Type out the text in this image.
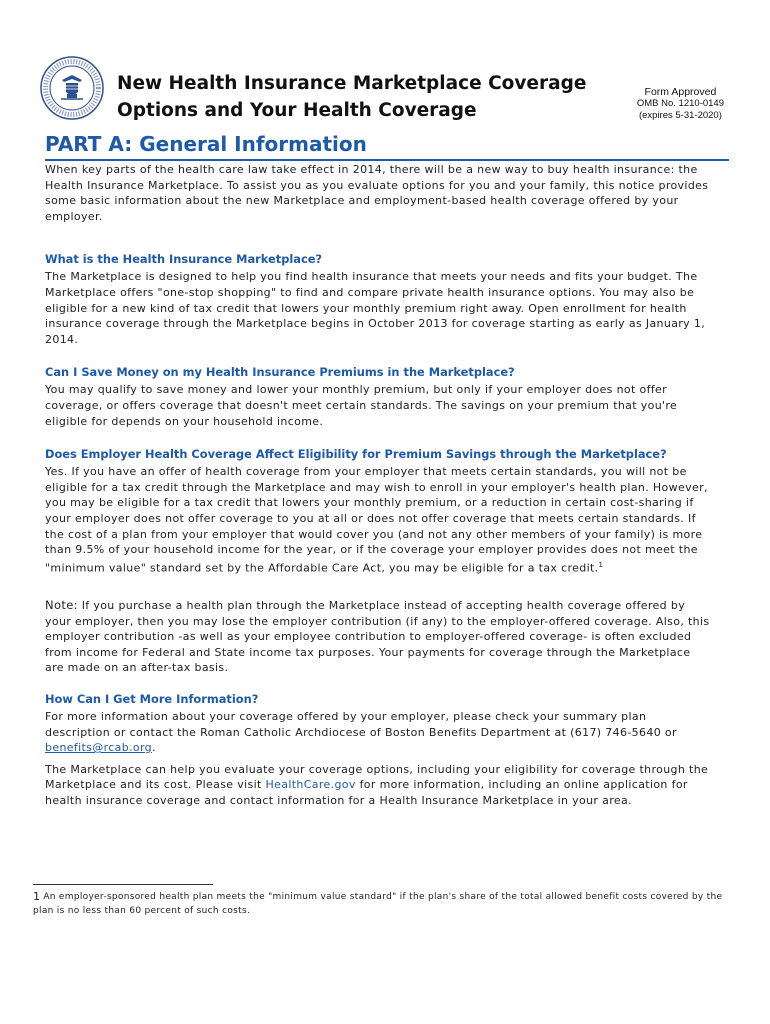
New Health Insurance Marketplace Coverage
Options and Your Health Coverage
Form Approved
OMB No. 1210-0149
(expires 5-31-2020)
PART A: General Information

When key parts of the health care law take effect in 2014, there will be a new way to buy health insurance: the Health Insurance Marketplace. To assist you as you evaluate options for you and your family, this notice provides some basic information about the new Marketplace and employment-based health coverage offered by your employer.

What is the Health Insurance Marketplace?

The Marketplace is designed to help you find health insurance that meets your needs and fits your budget. The Marketplace offers "one-stop shopping" to find and compare private health insurance options. You may also be eligible for a new kind of tax credit that lowers your monthly premium right away. Open enrollment for health insurance coverage through the Marketplace begins in October 2013 for coverage starting as early as January 1, 2014.

Can I Save Money on my Health Insurance Premiums in the Marketplace?

You may qualify to save money and lower your monthly premium, but only if your employer does not offer coverage, or offers coverage that doesn't meet certain standards. The savings on your premium that you're eligible for depends on your household income.

Does Employer Health Coverage Affect Eligibility for Premium Savings through the Marketplace?

Yes. If you have an offer of health coverage from your employer that meets certain standards, you will not be eligible for a tax credit through the Marketplace and may wish to enroll in your employer's health plan. However, you may be eligible for a tax credit that lowers your monthly premium, or a reduction in certain cost-sharing if your employer does not offer coverage to you at all or does not offer coverage that meets certain standards. If the cost of a plan from your employer that would cover you (and not any other members of your family) is more than 9.5% of your household income for the year, or if the coverage your employer provides does not meet the "minimum value" standard set by the Affordable Care Act, you may be eligible for a tax credit.$^1$

Note: If you purchase a health plan through the Marketplace instead of accepting health coverage offered by your employer, then you may lose the employer contribution (if any) to the employer-offered coverage. Also, this employer contribution -as well as your employee contribution to employer-offered coverage- is often excluded from income for Federal and State income tax purposes. Your payments for coverage through the Marketplace are made on an after-tax basis.

How Can I Get More Information?

For more information about your coverage offered by your employer, please check your summary plan description or contact the Roman Catholic Archdiocese of Boston Benefits Department at (617) 746-5640 or benefits@rcab.org.

The Marketplace can help you evaluate your coverage options, including your eligibility for coverage through the Marketplace and its cost. Please visit HealthCare.gov for more information, including an online application for health insurance coverage and contact information for a Health Insurance Marketplace in your area.

1 An employer-sponsored health plan meets the "minimum value standard" if the plan's share of the total allowed benefit costs covered by the plan is no less than 60 percent of such costs.
